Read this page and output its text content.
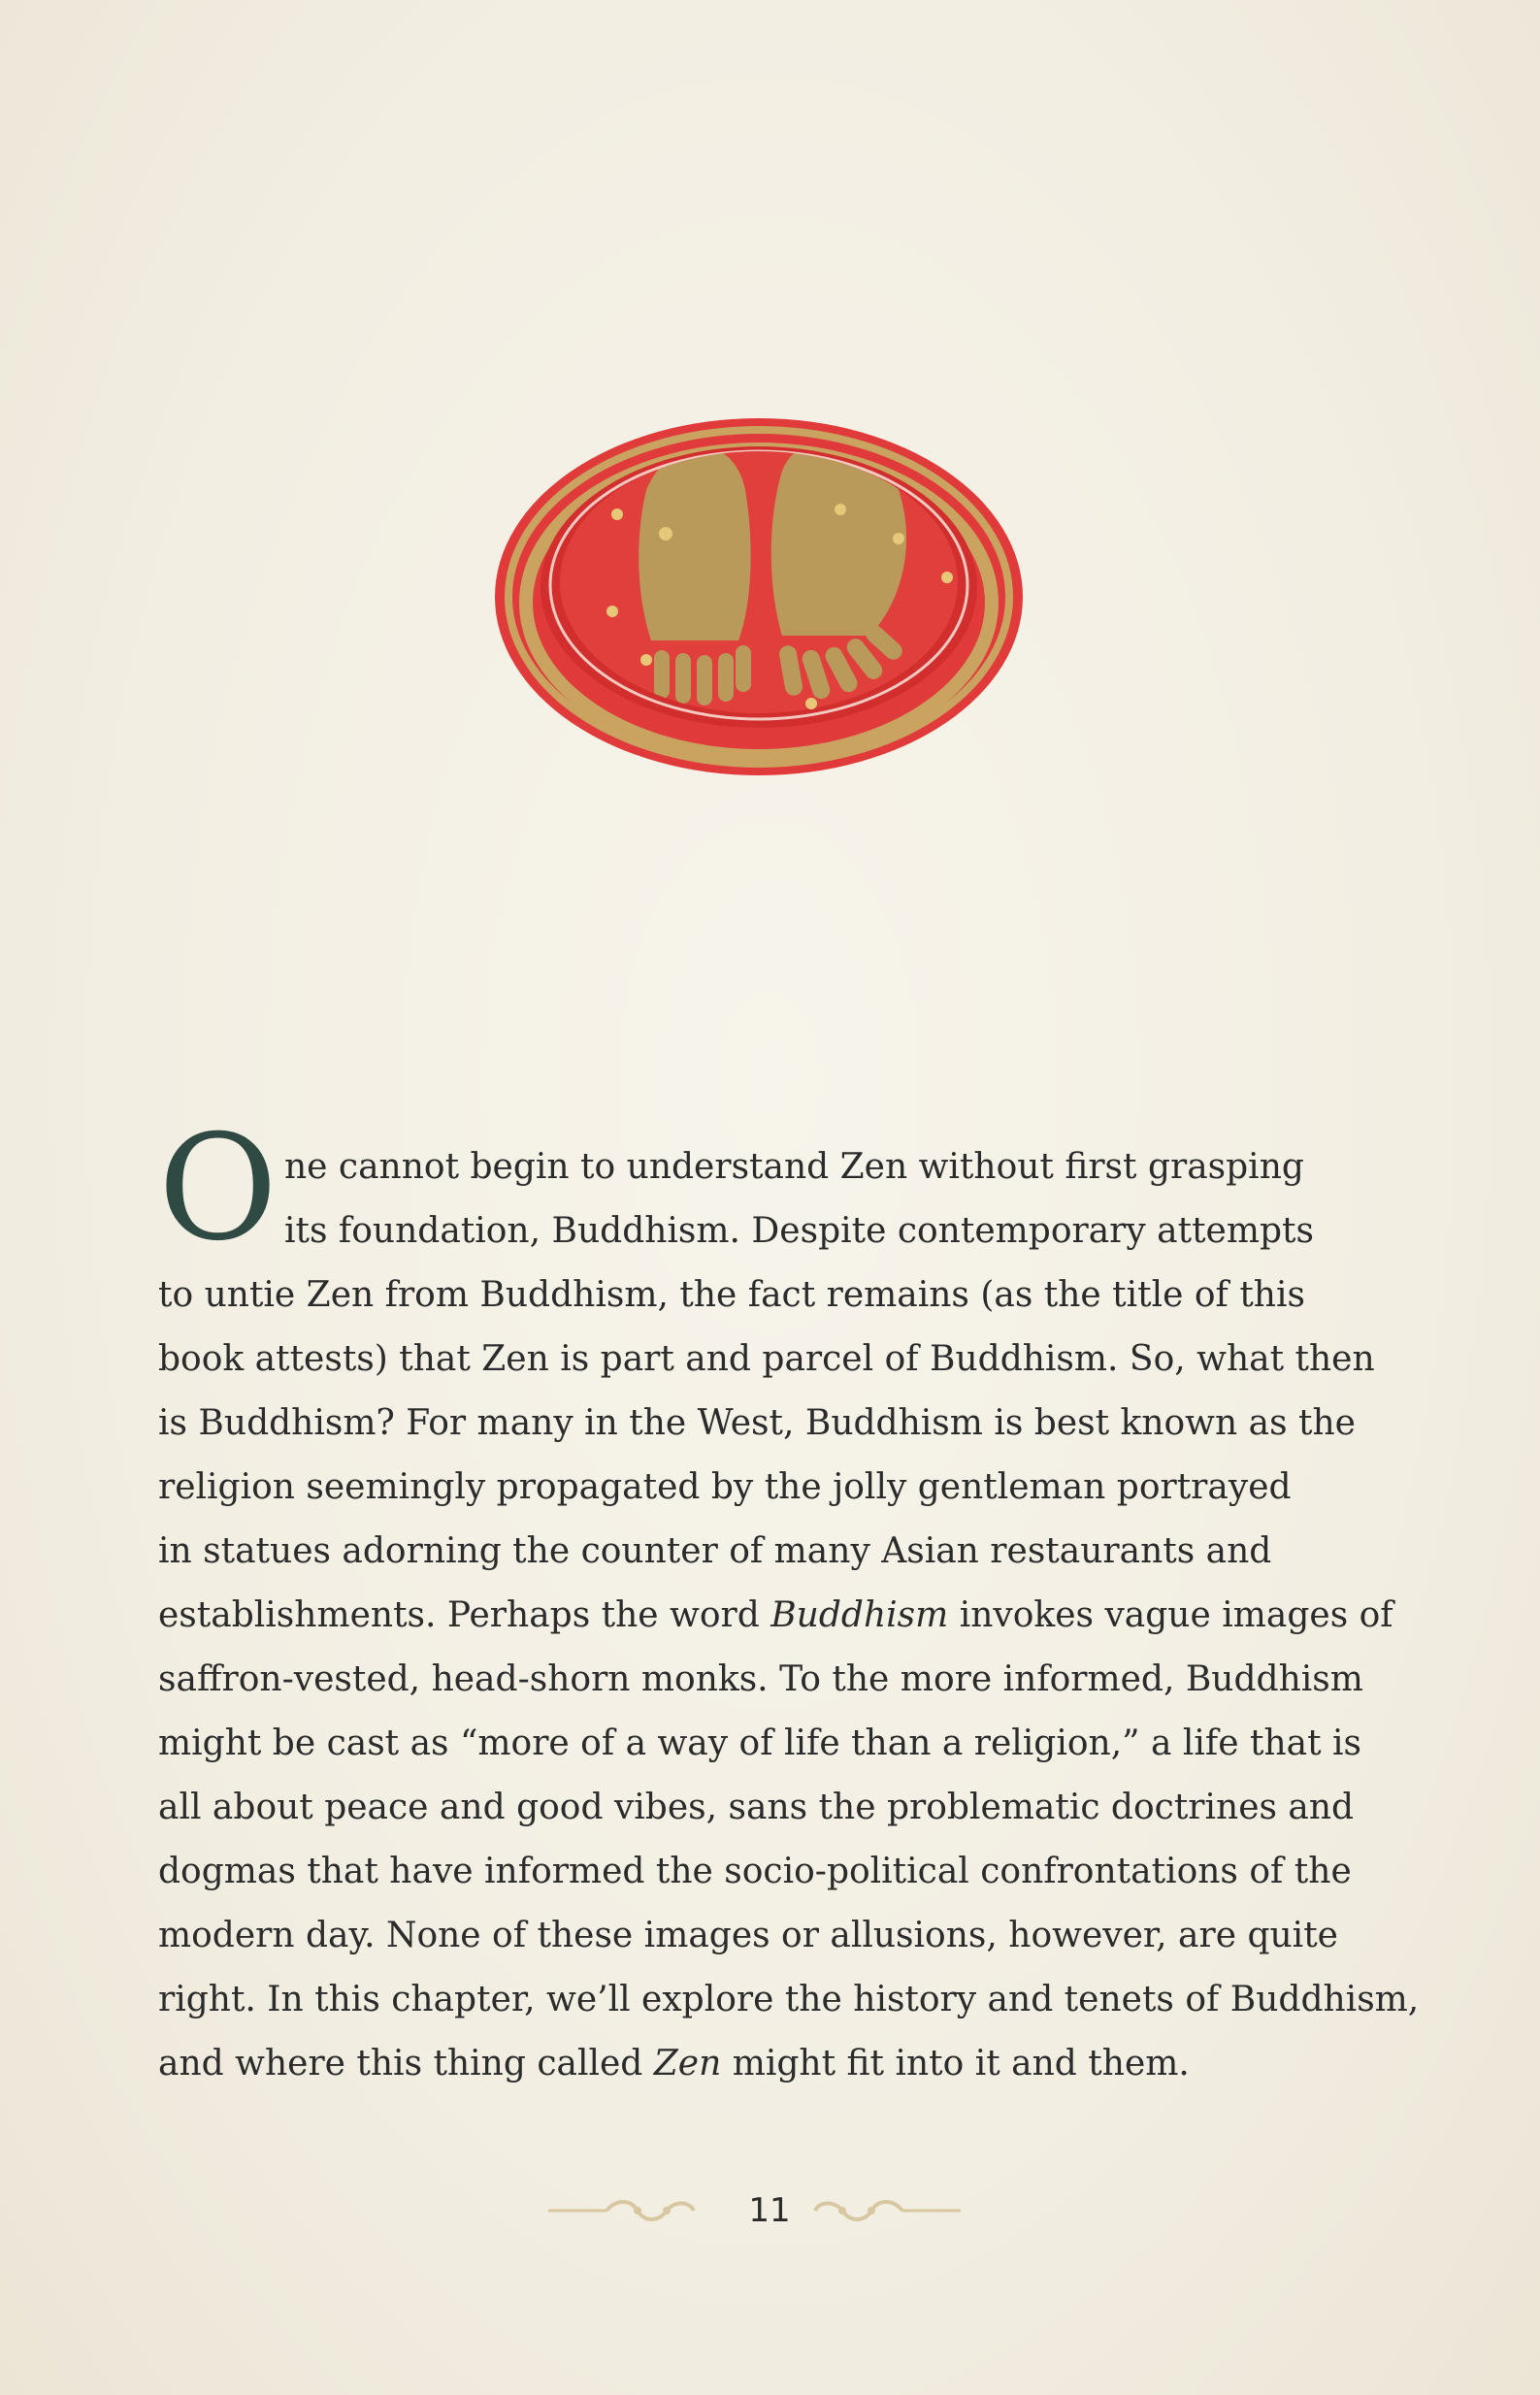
O ne cannot begin to understand Zen without first grasping
its foundation, Buddhism. Despite contemporary attempts
to untie Zen from Buddhism, the fact remains (as the title of this
book attests) that Zen is part and parcel of Buddhism. So, what then
is Buddhism? For many in the West, Buddhism is best known as the
religion seemingly propagated by the jolly gentleman portrayed
in statues adorning the counter of many Asian restaurants and
establishments. Perhaps the word Buddhism invokes vague images of
saffron-vested, head-shorn monks. To the more informed, Buddhism
might be cast as “more of a way of life than a religion,” a life that is
all about peace and good vibes, sans the problematic doctrines and
dogmas that have informed the socio-political confrontations of the
modern day. None of these images or allusions, however, are quite
right. In this chapter, we’ll explore the history and tenets of Buddhism,
and where this thing called Zen might fit into it and them.
11
